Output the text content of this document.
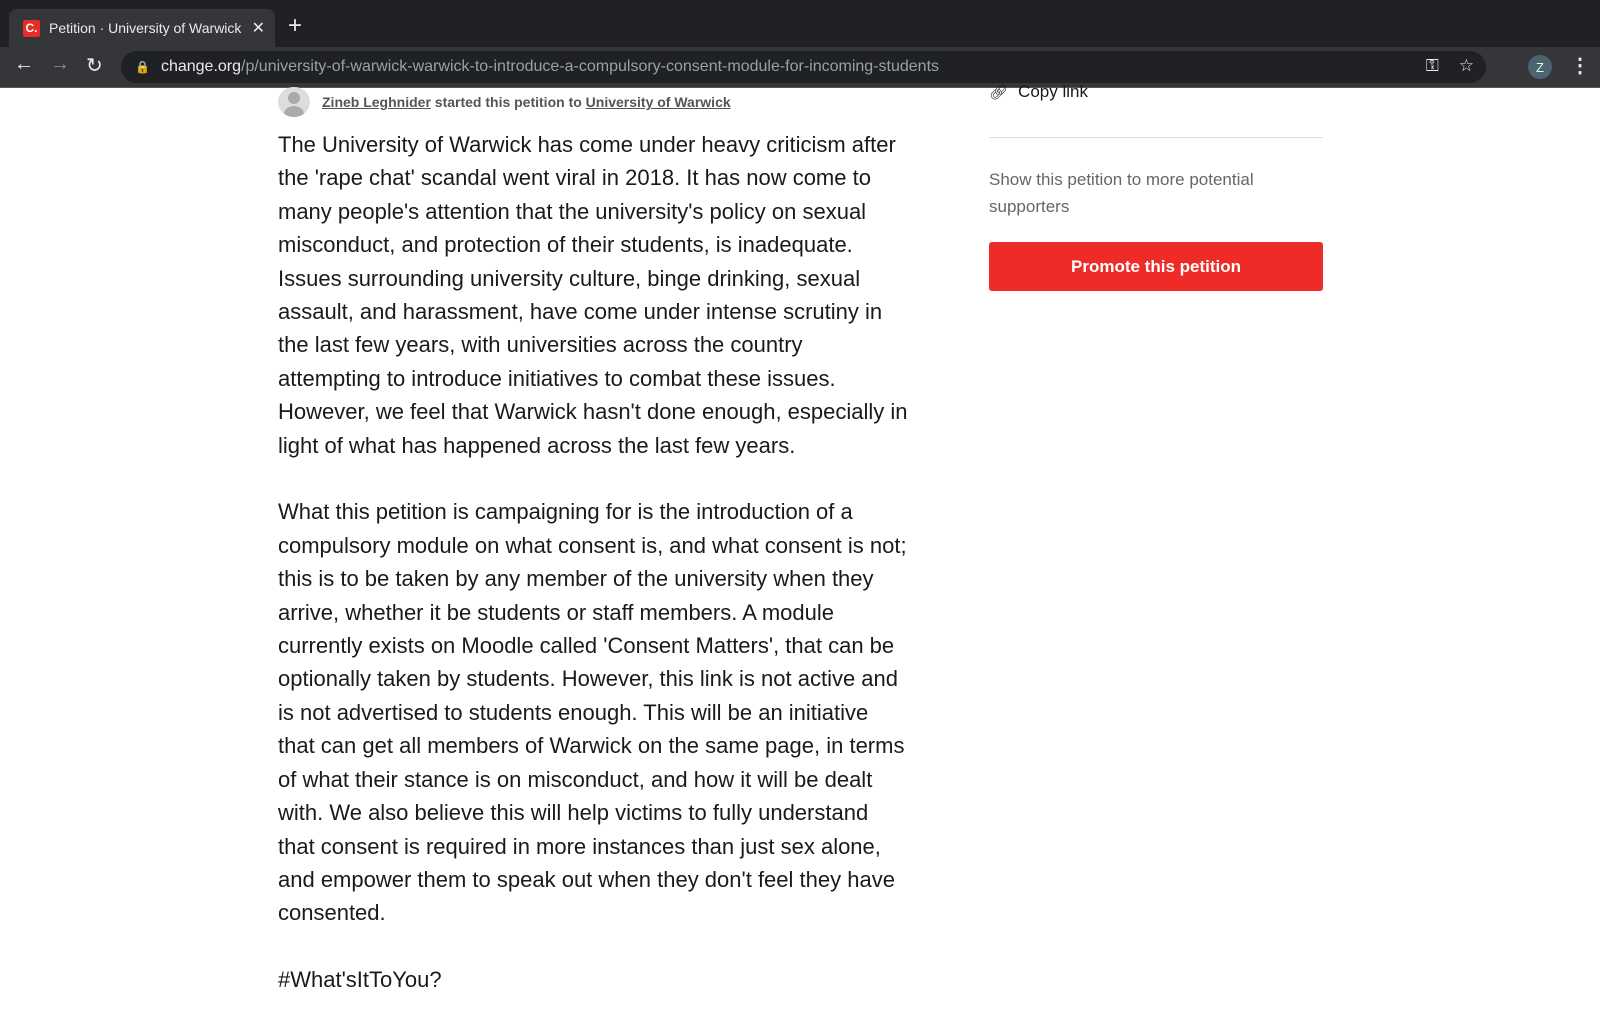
C. Petition · University of Warwick ✕ +
← → ↻	🔒 change.org /p/university-of-warwick-warwick-to-introduce-a-compulsory-consent-module-for-incoming-students	⚿ ☆	Z	⋮
Zineb Leghnider started this petition to University of Warwick
The University of Warwick has come under heavy criticism after
the 'rape chat' scandal went viral in 2018. It has now come to
many people's attention that the university's policy on sexual
misconduct, and protection of their students, is inadequate.
Issues surrounding university culture, binge drinking, sexual
assault, and harassment, have come under intense scrutiny in
the last few years, with universities across the country
attempting to introduce initiatives to combat these issues.
However, we feel that Warwick hasn't done enough, especially in
light of what has happened across the last few years.
What this petition is campaigning for is the introduction of a
compulsory module on what consent is, and what consent is not;
this is to be taken by any member of the university when they
arrive, whether it be students or staff members. A module
currently exists on Moodle called 'Consent Matters', that can be
optionally taken by students. However, this link is not active and
is not advertised to students enough. This will be an initiative
that can get all members of Warwick on the same page, in terms
of what their stance is on misconduct, and how it will be dealt
with. We also believe this will help victims to fully understand
that consent is required in more instances than just sex alone,
and empower them to speak out when they don't feel they have
consented.
#What'sItToYou?
🔗︎ Copy link
Show this petition to more potential supporters
Promote this petition
